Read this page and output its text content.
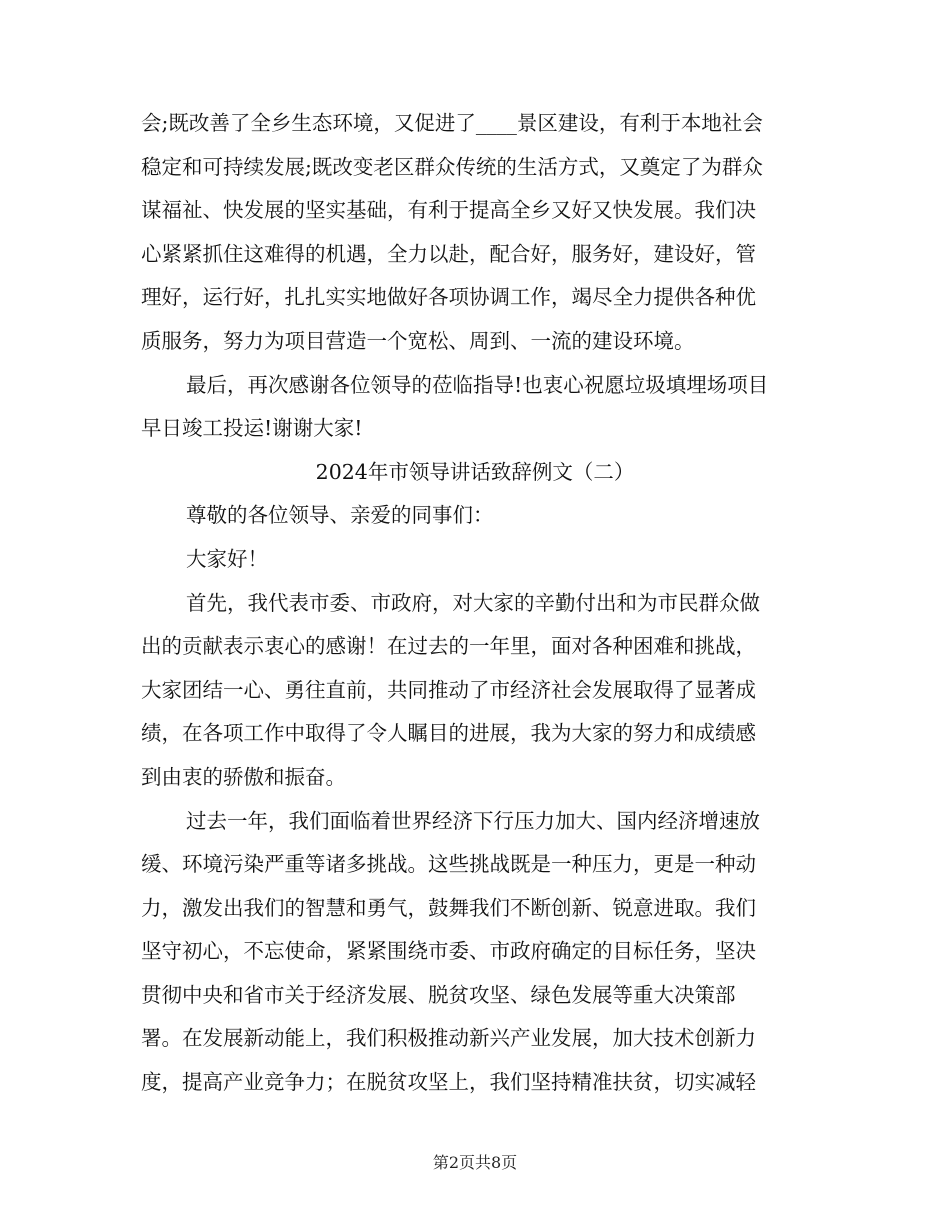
会;既改善了全乡生态环境，又促进了____景区建设，有利于本地社会
稳定和可持续发展;既改变老区群众传统的生活方式，又奠定了为群众
谋福祉、快发展的坚实基础，有利于提高全乡又好又快发展。我们决
心紧紧抓住这难得的机遇，全力以赴，配合好，服务好，建设好，管
理好，运行好，扎扎实实地做好各项协调工作，竭尽全力提供各种优
质服务，努力为项目营造一个宽松、周到、一流的建设环境。
最后，再次感谢各位领导的莅临指导!也衷心祝愿垃圾填埋场项目
早日竣工投运!谢谢大家!
2024年市领导讲话致辞例文（二）
尊敬的各位领导、亲爱的同事们：
大家好！
首先，我代表市委、市政府，对大家的辛勤付出和为市民群众做
出的贡献表示衷心的感谢！在过去的一年里，面对各种困难和挑战，
大家团结一心、勇往直前，共同推动了市经济社会发展取得了显著成
绩，在各项工作中取得了令人瞩目的进展，我为大家的努力和成绩感
到由衷的骄傲和振奋。
过去一年，我们面临着世界经济下行压力加大、国内经济增速放
缓、环境污染严重等诸多挑战。这些挑战既是一种压力，更是一种动
力，激发出我们的智慧和勇气，鼓舞我们不断创新、锐意进取。我们
坚守初心，不忘使命，紧紧围绕市委、市政府确定的目标任务，坚决
贯彻中央和省市关于经济发展、脱贫攻坚、绿色发展等重大决策部
署。在发展新动能上，我们积极推动新兴产业发展，加大技术创新力
度，提高产业竞争力；在脱贫攻坚上，我们坚持精准扶贫，切实减轻
第2页共8页
